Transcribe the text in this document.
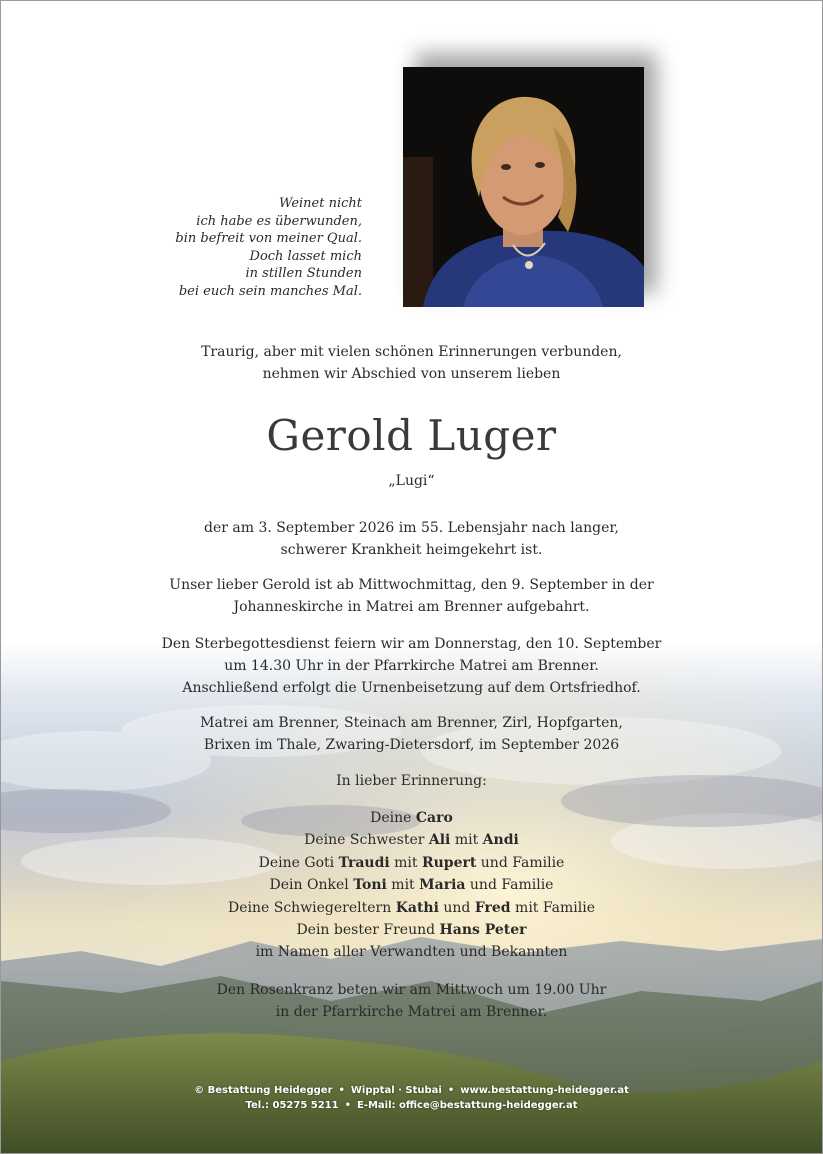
Weinet nicht
ich habe es überwunden,
bin befreit von meiner Qual.
Doch lasset mich
in stillen Stunden
bei euch sein manches Mal.
Traurig, aber mit vielen schönen Erinnerungen verbunden,
nehmen wir Abschied von unserem lieben
Gerold Luger
„Lugi“
der am 3. September 2026 im 55. Lebensjahr nach langer,
schwerer Krankheit heimgekehrt ist.
Unser lieber Gerold ist ab Mittwochmittag, den 9. September in der
Johanneskirche in Matrei am Brenner aufgebahrt.
Den Sterbegottesdienst feiern wir am Donnerstag, den 10. September
um 14.30 Uhr in der Pfarrkirche Matrei am Brenner.
Anschließend erfolgt die Urnenbeisetzung auf dem Ortsfriedhof.
Matrei am Brenner, Steinach am Brenner, Zirl, Hopfgarten,
Brixen im Thale, Zwaring-Dietersdorf, im September 2026
In lieber Erinnerung:
Deine Caro
Deine Schwester Ali mit Andi
Deine Goti Traudi mit Rupert und Familie
Dein Onkel Toni mit Maria und Familie
Deine Schwiegereltern Kathi und Fred mit Familie
Dein bester Freund Hans Peter
im Namen aller Verwandten und Bekannten
Den Rosenkranz beten wir am Mittwoch um 19.00 Uhr
in der Pfarrkirche Matrei am Brenner.
© Bestattung Heidegger • Wipptal · Stubai • www.bestattung-heidegger.at
Tel.: 05275 5211 • E-Mail: office@bestattung-heidegger.at
